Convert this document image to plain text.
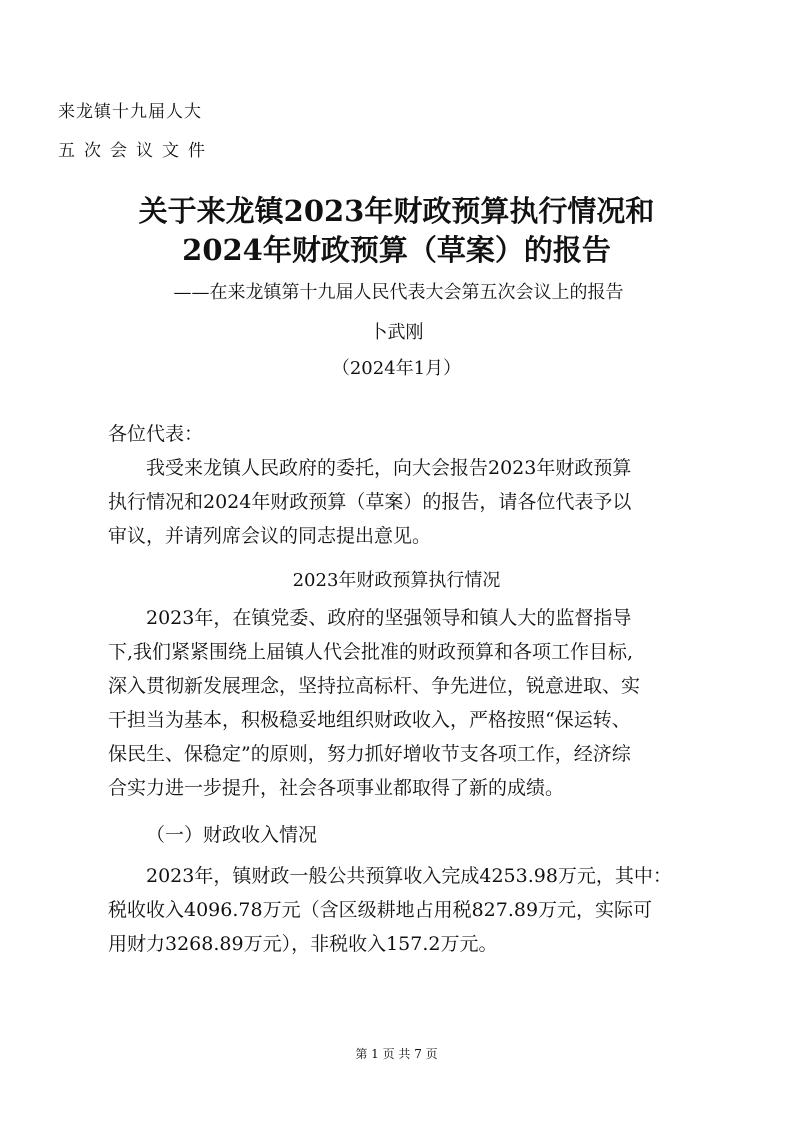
来龙镇十九届人大
五次会议文件
关于来龙镇2023年财政预算执行情况和
2024年财政预算（草案）的报告
——在来龙镇第十九届人民代表大会第五次会议上的报告
卜武刚
（2024年1月）
各位代表：
我受来龙镇人民政府的委托，向大会报告2023年财政预算
执行情况和2024年财政预算（草案）的报告，请各位代表予以
审议，并请列席会议的同志提出意见。
2023年财政预算执行情况
2023年，在镇党委、政府的坚强领导和镇人大的监督指导
下,我们紧紧围绕上届镇人代会批准的财政预算和各项工作目标,
深入贯彻新发展理念，坚持拉高标杆、争先进位，锐意进取、实
干担当为基本，积极稳妥地组织财政收入，严格按照“保运转、
保民生、保稳定”的原则，努力抓好增收节支各项工作，经济综
合实力进一步提升，社会各项事业都取得了新的成绩。
（一）财政收入情况
2023年，镇财政一般公共预算收入完成4253.98万元，其中：
税收收入4096.78万元（含区级耕地占用税827.89万元，实际可
用财力3268.89万元），非税收入157.2万元。
第 1 页 共 7 页
